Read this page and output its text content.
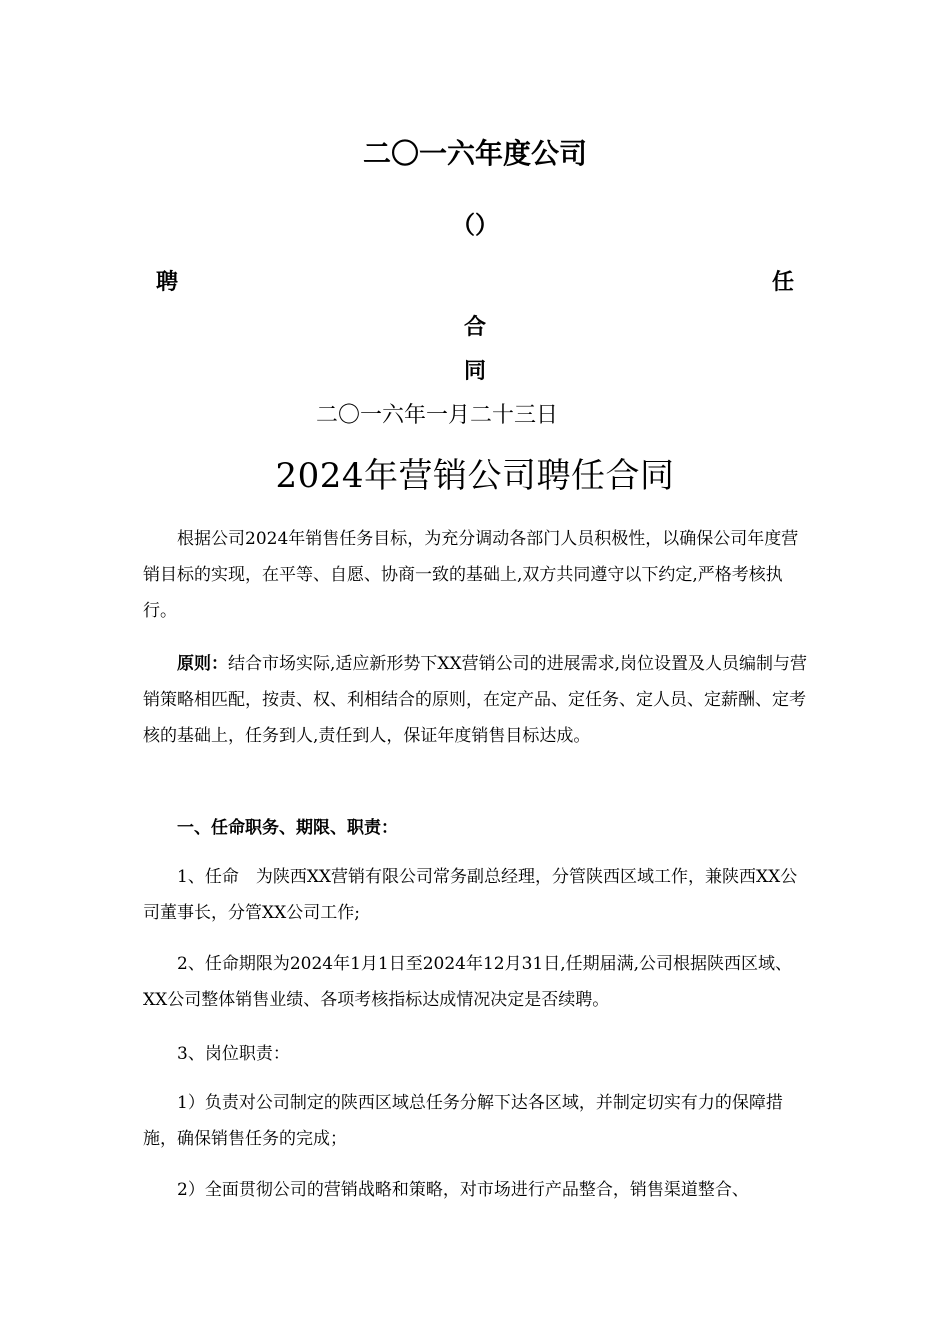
二〇一六年度公司
（）
聘	任
合
同
二〇一六年一月二十三日
2024年营销公司聘任合同

根据公司2024年销售任务目标，为充分调动各部门人员积极性，以确保公司年度营销目标的实现，在平等、自愿、协商一致的基础上,双方共同遵守以下约定,严格考核执行。

原则：结合市场实际,适应新形势下XX营销公司的进展需求,岗位设置及人员编制与营销策略相匹配，按责、权、利相结合的原则，在定产品、定任务、定人员、定薪酬、定考核的基础上，任务到人,责任到人，保证年度销售目标达成。

一、任命职务、期限、职责：

1、任命　为陕西XX营销有限公司常务副总经理，分管陕西区域工作，兼陕西XX公司董事长，分管XX公司工作;

2、任命期限为2024年1月1日至2024年12月31日,任期届满,公司根据陕西区域、XX公司整体销售业绩、各项考核指标达成情况决定是否续聘。

3、岗位职责：

1）负责对公司制定的陕西区域总任务分解下达各区域，并制定切实有力的保障措施，确保销售任务的完成；

2）全面贯彻公司的营销战略和策略，对市场进行产品整合，销售渠道整合、
